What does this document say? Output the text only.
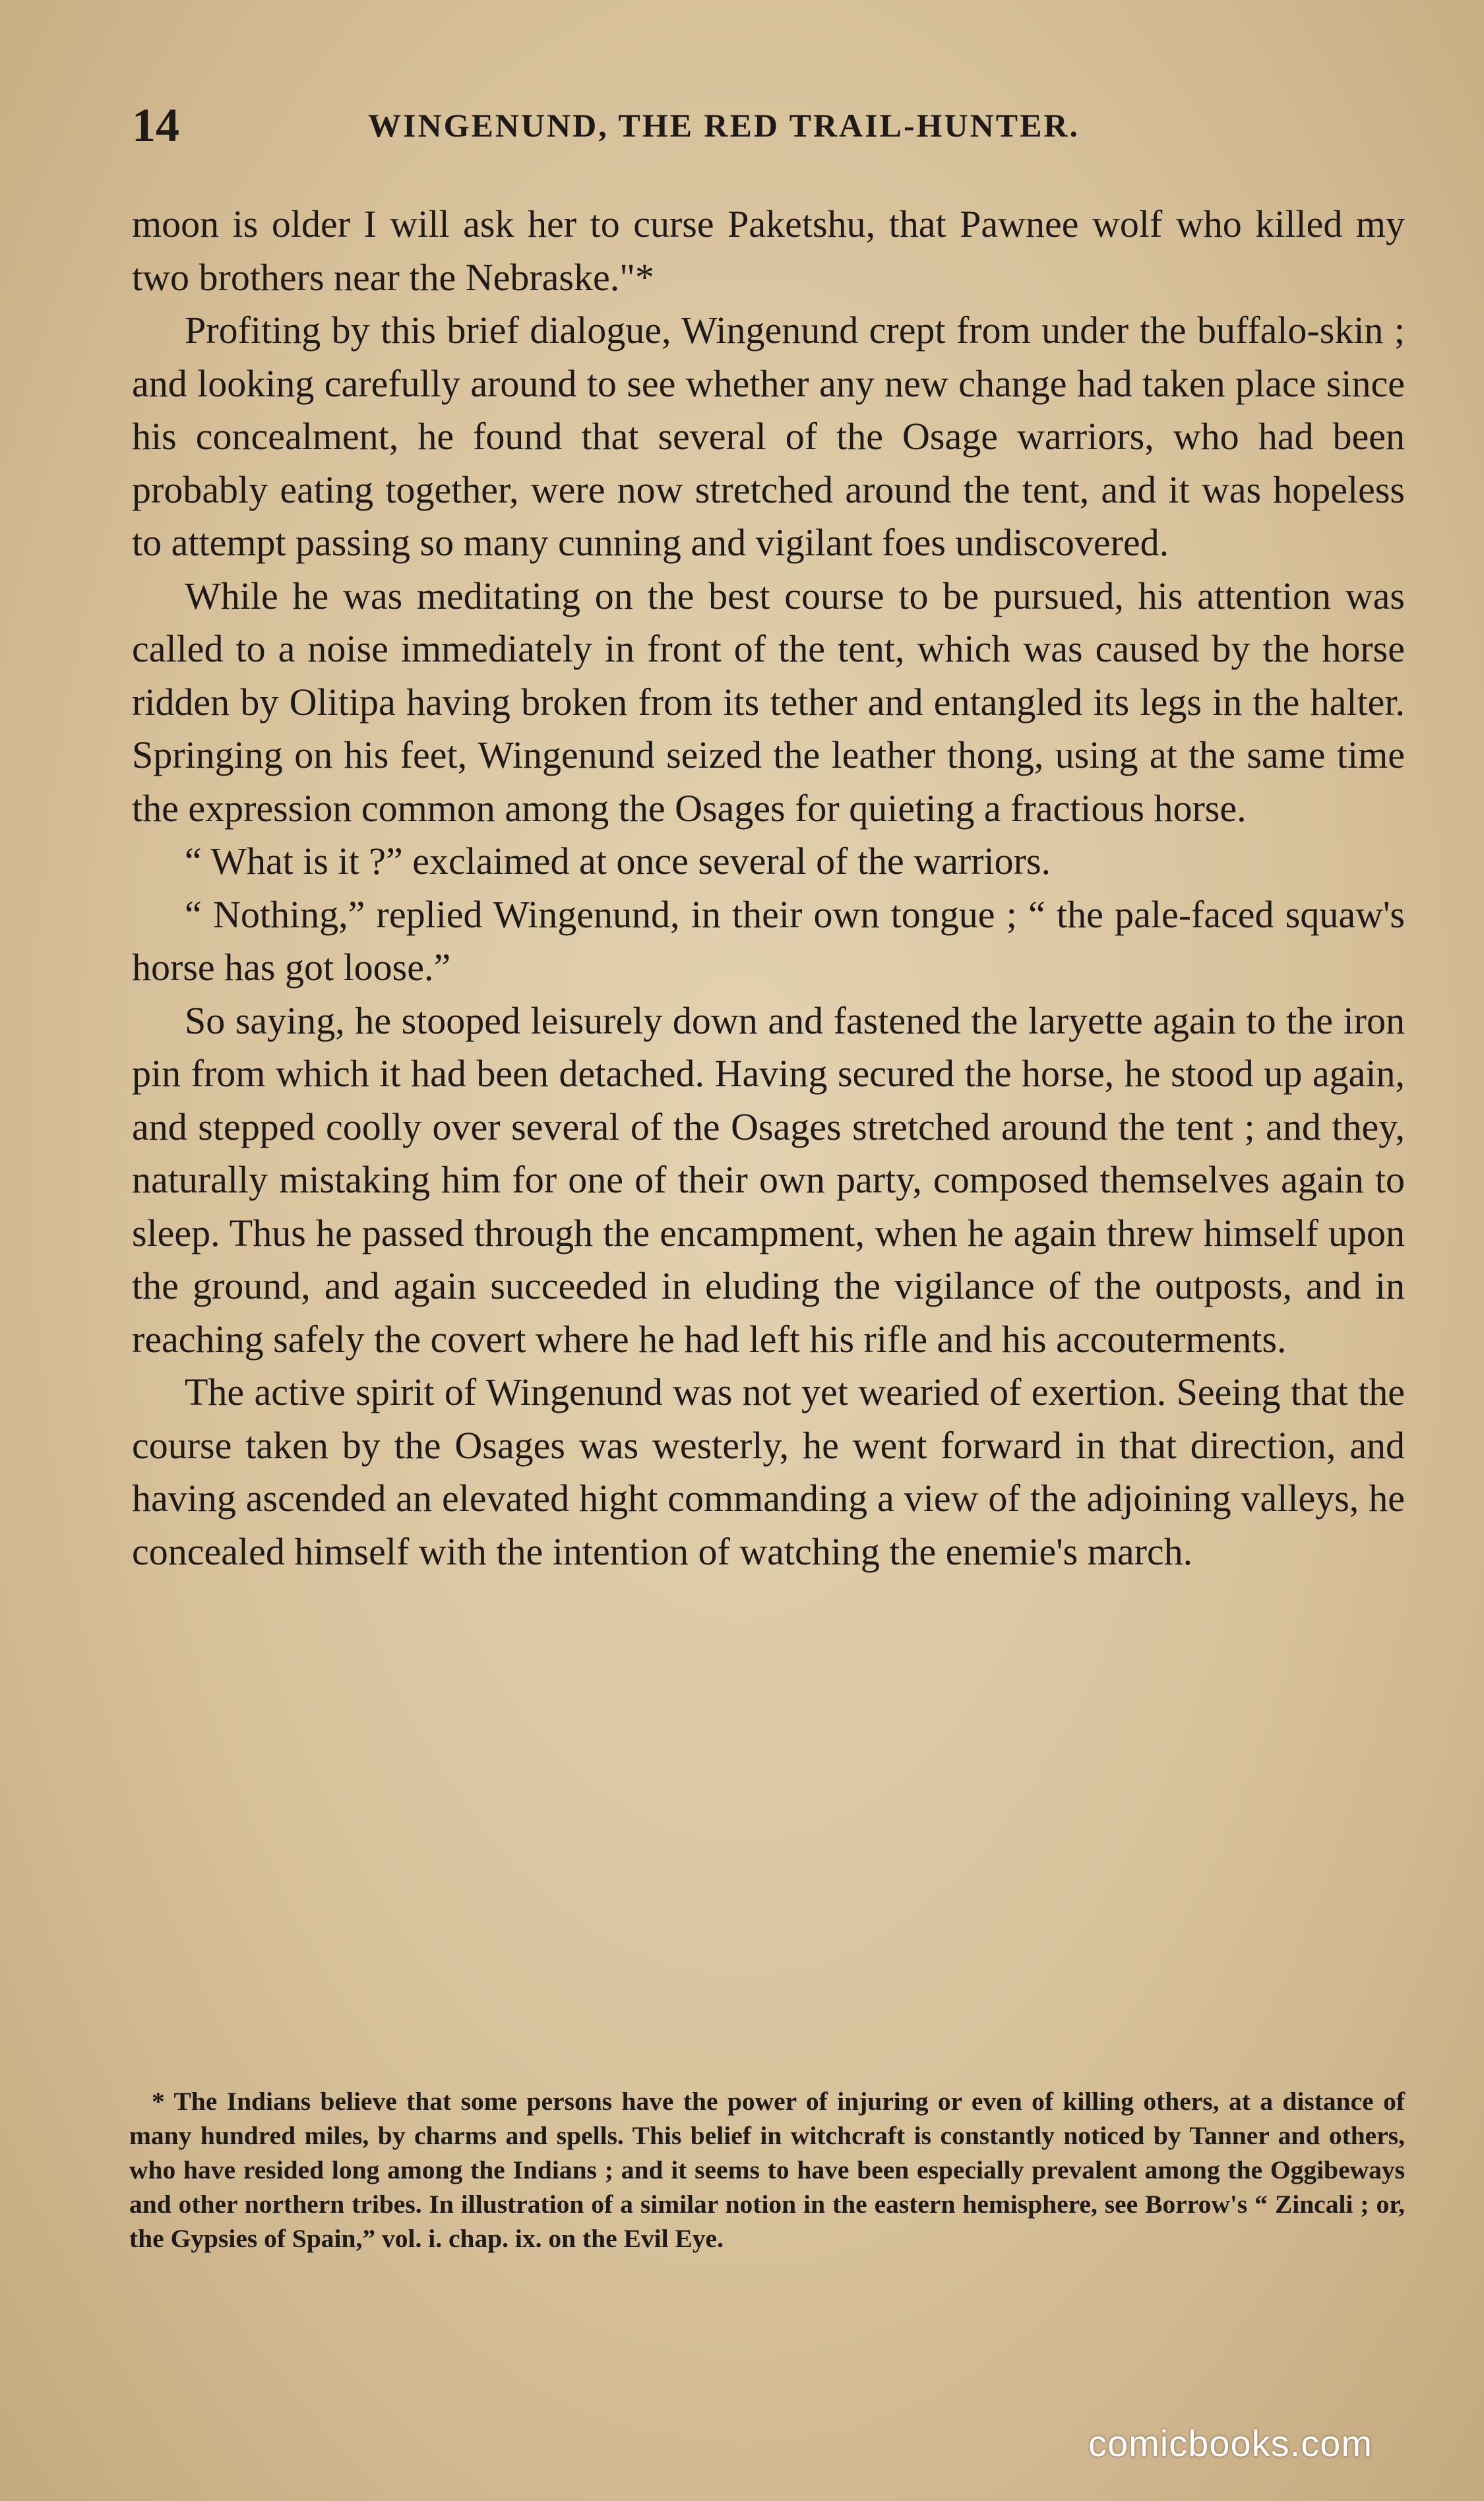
14	WINGENUND, THE RED TRAIL-HUNTER.

moon is older I will ask her to curse Paketshu, that Pawnee wolf who killed my two brothers near the Nebraske."*

Profiting by this brief dialogue, Wingenund crept from under the buffalo-skin ; and looking carefully around to see whether any new change had taken place since his concealment, he found that several of the Osage warriors, who had been probably eating together, were now stretched around the tent, and it was hopeless to attempt passing so many cunning and vigilant foes undiscovered.

While he was meditating on the best course to be pursued, his attention was called to a noise immediately in front of the tent, which was caused by the horse ridden by Olitipa having broken from its tether and entangled its legs in the halter. Springing on his feet, Wingenund seized the leather thong, using at the same time the expression common among the Osages for quieting a fractious horse.

“ What is it ?” exclaimed at once several of the warriors.

“ Nothing,” replied Wingenund, in their own tongue ; “ the pale-faced squaw's horse has got loose.”

So saying, he stooped leisurely down and fastened the laryette again to the iron pin from which it had been detached. Having secured the horse, he stood up again, and stepped coolly over several of the Osages stretched around the tent ; and they, naturally mistaking him for one of their own party, composed themselves again to sleep. Thus he passed through the encampment, when he again threw himself upon the ground, and again succeeded in eluding the vigilance of the outposts, and in reaching safely the covert where he had left his rifle and his accouterments.

The active spirit of Wingenund was not yet wearied of exertion. Seeing that the course taken by the Osages was westerly, he went forward in that direction, and having ascended an elevated hight commanding a view of the adjoining valleys, he concealed himself with the intention of watching the enemie's march.

* The Indians believe that some persons have the power of injuring or even of killing others, at a distance of many hundred miles, by charms and spells. This belief in witchcraft is constantly noticed by Tanner and others, who have resided long among the Indians ; and it seems to have been especially prevalent among the Oggibeways and other northern tribes. In illustration of a similar notion in the eastern hemisphere, see Borrow's “ Zincali ; or, the Gypsies of Spain,” vol. i. chap. ix. on the Evil Eye.

comicbooks.com
